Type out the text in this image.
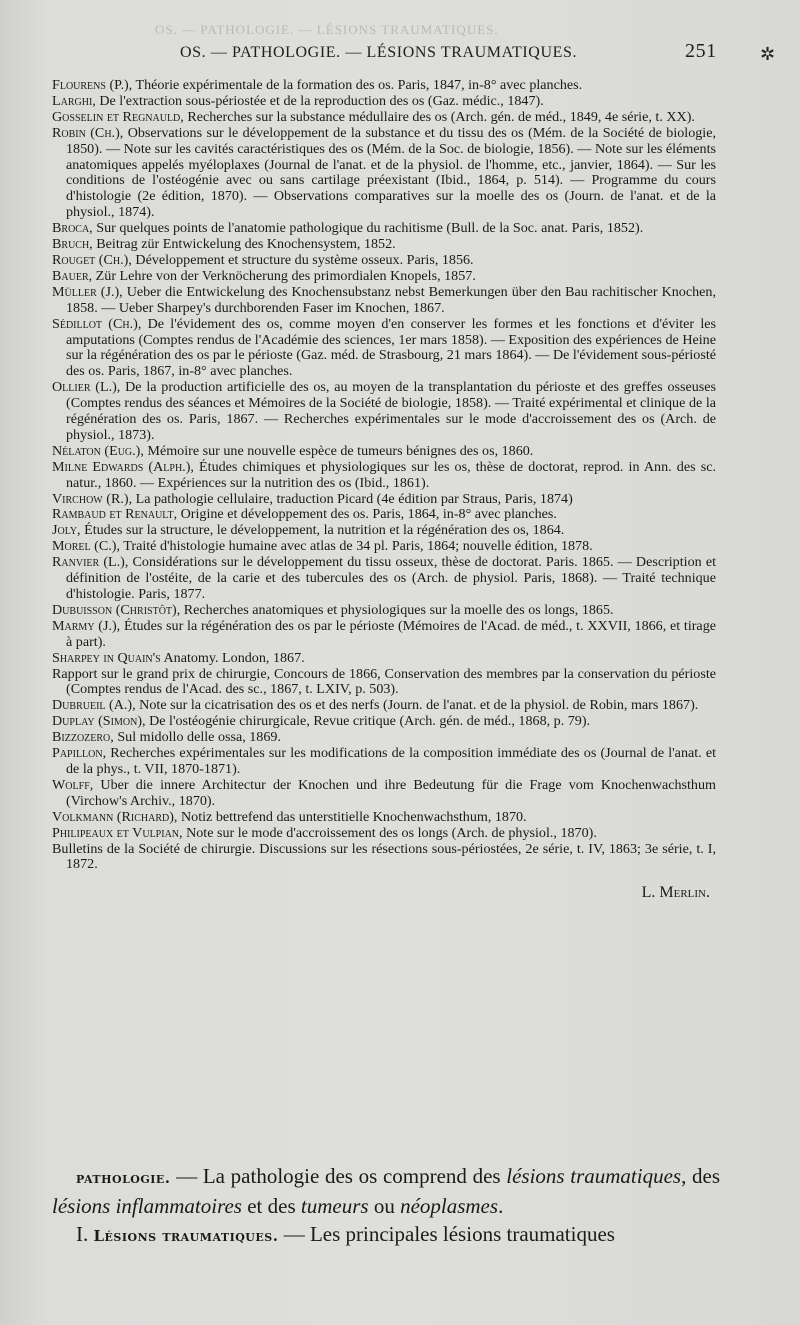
OS. — PATHOLOGIE. — LÉSIONS TRAUMATIQUES.
OS. — PATHOLOGIE. — LÉSIONS TRAUMATIQUES.	251 ✲

Flourens (P.), Théorie expérimentale de la formation des os. Paris, 1847, in-8° avec planches.

Larghi, De l'extraction sous-périostée et de la reproduction des os (Gaz. médic., 1847).

Gosselin et Regnauld, Recherches sur la substance médullaire des os (Arch. gén. de méd., 1849, 4e série, t. XX).

Robin (Ch.), Observations sur le développement de la substance et du tissu des os (Mém. de la Société de biologie, 1850). — Note sur les cavités caractéristiques des os (Mém. de la Soc. de biologie, 1856). — Note sur les éléments anatomiques appelés myéloplaxes (Journal de l'anat. et de la physiol. de l'homme, etc., janvier, 1864). — Sur les conditions de l'ostéogénie avec ou sans cartilage préexistant (Ibid., 1864, p. 514). — Programme du cours d'histologie (2e édition, 1870). — Observations comparatives sur la moelle des os (Journ. de l'anat. et de la physiol., 1874).

Broca, Sur quelques points de l'anatomie pathologique du rachitisme (Bull. de la Soc. anat. Paris, 1852).

Bruch, Beitrag zür Entwickelung des Knochensystem, 1852.

Rouget (Ch.), Développement et structure du système osseux. Paris, 1856.

Bauer, Zür Lehre von der Verknöcherung des primordialen Knopels, 1857.

Müller (J.), Ueber die Entwickelung des Knochensubstanz nebst Bemerkungen über den Bau rachitischer Knochen, 1858. — Ueber Sharpey's durchborenden Faser im Knochen, 1867.

Sédillot (Ch.), De l'évidement des os, comme moyen d'en conserver les formes et les fonctions et d'éviter les amputations (Comptes rendus de l'Académie des sciences, 1er mars 1858). — Exposition des expériences de Heine sur la régénération des os par le périoste (Gaz. méd. de Strasbourg, 21 mars 1864). — De l'évidement sous-périosté des os. Paris, 1867, in-8° avec planches.

Ollier (L.), De la production artificielle des os, au moyen de la transplantation du périoste et des greffes osseuses (Comptes rendus des séances et Mémoires de la Société de biologie, 1858). — Traité expérimental et clinique de la régénération des os. Paris, 1867. — Recherches expérimentales sur le mode d'accroissement des os (Arch. de physiol., 1873).

Nélaton (Eug.), Mémoire sur une nouvelle espèce de tumeurs bénignes des os, 1860.

Milne Edwards (Alph.), Études chimiques et physiologiques sur les os, thèse de doctorat, reprod. in Ann. des sc. natur., 1860. — Expériences sur la nutrition des os (Ibid., 1861).

Virchow (R.), La pathologie cellulaire, traduction Picard (4e édition par Straus, Paris, 1874)

Rambaud et Renault, Origine et développement des os. Paris, 1864, in-8° avec planches.

Joly, Études sur la structure, le développement, la nutrition et la régénération des os, 1864.

Morel (C.), Traité d'histologie humaine avec atlas de 34 pl. Paris, 1864; nouvelle édition, 1878.

Ranvier (L.), Considérations sur le développement du tissu osseux, thèse de doctorat. Paris. 1865. — Description et définition de l'ostéite, de la carie et des tubercules des os (Arch. de physiol. Paris, 1868). — Traité technique d'histologie. Paris, 1877.

Dubuisson (Christôt), Recherches anatomiques et physiologiques sur la moelle des os longs, 1865.

Marmy (J.), Études sur la régénération des os par le périoste (Mémoires de l'Acad. de méd., t. XXVII, 1866, et tirage à part).

Sharpey in Quain's Anatomy. London, 1867.

Rapport sur le grand prix de chirurgie, Concours de 1866, Conservation des membres par la conservation du périoste (Comptes rendus de l'Acad. des sc., 1867, t. LXIV, p. 503).

Dubrueil (A.), Note sur la cicatrisation des os et des nerfs (Journ. de l'anat. et de la physiol. de Robin, mars 1867).

Duplay (Simon), De l'ostéogénie chirurgicale, Revue critique (Arch. gén. de méd., 1868, p. 79).

Bizzozero, Sul midollo delle ossa, 1869.

Papillon, Recherches expérimentales sur les modifications de la composition immédiate des os (Journal de l'anat. et de la phys., t. VII, 1870-1871).

Wolff, Uber die innere Architectur der Knochen und ihre Bedeutung für die Frage vom Knochenwachsthum (Virchow's Archiv., 1870).

Volkmann (Richard), Notiz bettrefend das unterstitielle Knochenwachsthum, 1870.

Philipeaux et Vulpian, Note sur le mode d'accroissement des os longs (Arch. de physiol., 1870).

Bulletins de la Société de chirurgie. Discussions sur les résections sous-périostées, 2e série, t. IV, 1863; 3e série, t. I, 1872.

L. Merlin.

pathologie. — La pathologie des os comprend des lésions traumatiques, des lésions inflammatoires et des tumeurs ou néoplasmes.

I. Lésions traumatiques. — Les principales lésions traumatiques
